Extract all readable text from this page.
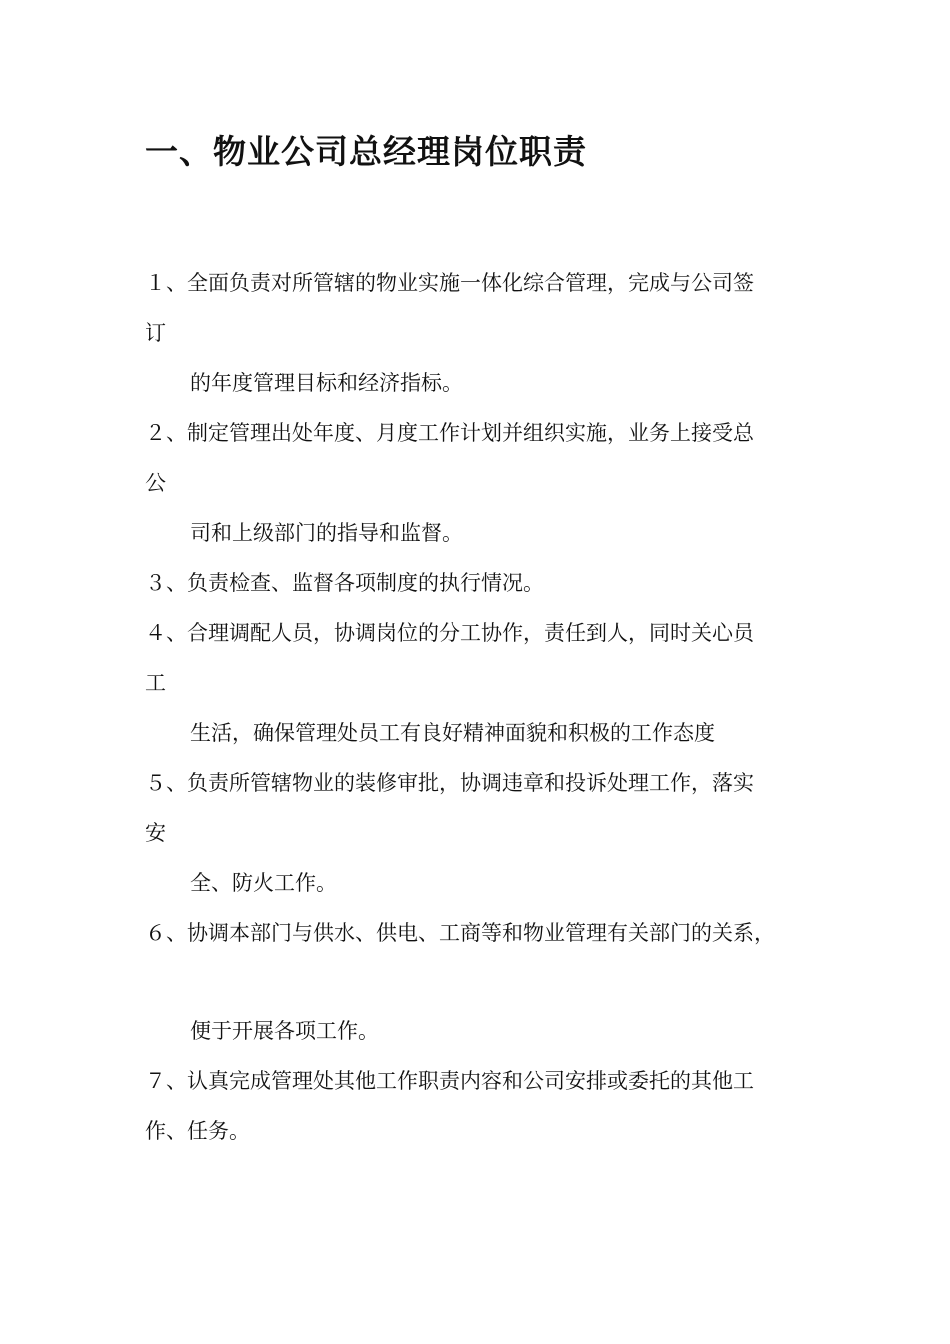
一、物业公司总经理岗位职责

１、全面负责对所管辖的物业实施一体化综合管理，完成与公司签

订

的年度管理目标和经济指标。

２、制定管理出处年度、月度工作计划并组织实施，业务上接受总

公

司和上级部门的指导和监督。

３、负责检查、监督各项制度的执行情况。

４、合理调配人员，协调岗位的分工协作，责任到人，同时关心员

工

生活，确保管理处员工有良好精神面貌和积极的工作态度

５、负责所管辖物业的装修审批，协调违章和投诉处理工作，落实

安

全、防火工作。

６、协调本部门与供水、供电、工商等和物业管理有关部门的关系，

便于开展各项工作。

７、认真完成管理处其他工作职责内容和公司安排或委托的其他工

作、任务。
